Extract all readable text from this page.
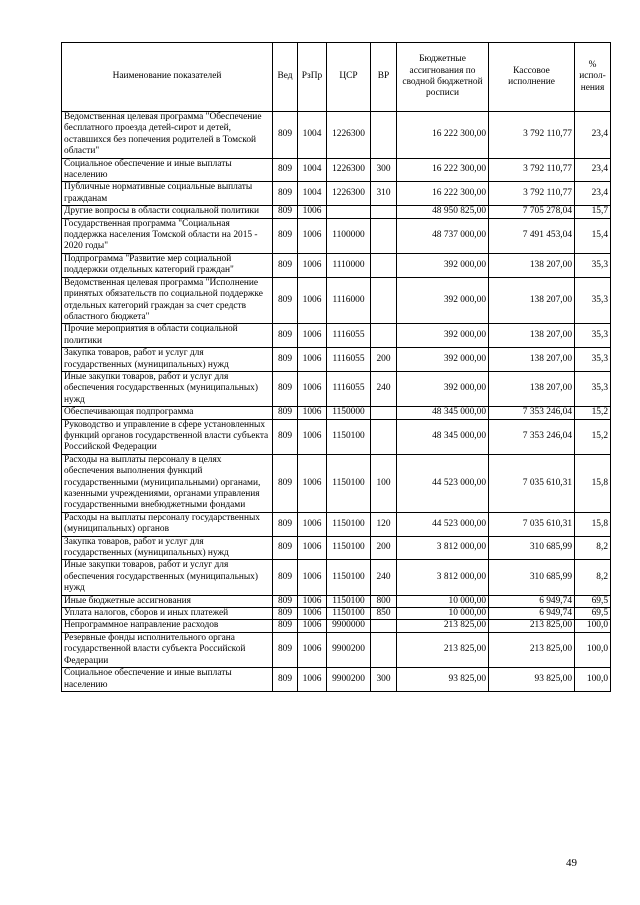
Наименование показателей	Вед	РзПр	ЦСР	ВР	Бюджетные ассигнования по сводной бюджетной росписи	Кассовое исполнение	% испол-нения
Ведомственная целевая программа "Обеспечение бесплатного проезда детей-сирот и детей, оставшихся без попечения родителей в Томской области"	809	1004	1226300		16 222 300,00	3 792 110,77	23,4
Социальное обеспечение и иные выплаты населению	809	1004	1226300	300	16 222 300,00	3 792 110,77	23,4
Публичные нормативные социальные выплаты гражданам	809	1004	1226300	310	16 222 300,00	3 792 110,77	23,4
Другие вопросы в области социальной политики	809	1006			48 950 825,00	7 705 278,04	15,7
Государственная программа "Социальная поддержка населения Томской области на 2015 - 2020 годы"	809	1006	1100000		48 737 000,00	7 491 453,04	15,4
Подпрограмма "Развитие мер социальной поддержки отдельных категорий граждан"	809	1006	1110000		392 000,00	138 207,00	35,3
Ведомственная целевая программа "Исполнение принятых обязательств по социальной поддержке отдельных категорий граждан за счет средств областного бюджета"	809	1006	1116000		392 000,00	138 207,00	35,3
Прочие мероприятия в области социальной политики	809	1006	1116055		392 000,00	138 207,00	35,3
Закупка товаров, работ и услуг для государственных (муниципальных) нужд	809	1006	1116055	200	392 000,00	138 207,00	35,3
Иные закупки товаров, работ и услуг для обеспечения государственных (муниципальных) нужд	809	1006	1116055	240	392 000,00	138 207,00	35,3
Обеспечивающая подпрограмма	809	1006	1150000		48 345 000,00	7 353 246,04	15,2
Руководство и управление в сфере установленных функций органов государственной власти субъекта Российской Федерации	809	1006	1150100		48 345 000,00	7 353 246,04	15,2
Расходы на выплаты персоналу в целях обеспечения выполнения функций государственными (муниципальными) органами, казенными учреждениями, органами управления государственными внебюджетными фондами	809	1006	1150100	100	44 523 000,00	7 035 610,31	15,8
Расходы на выплаты персоналу государственных (муниципальных) органов	809	1006	1150100	120	44 523 000,00	7 035 610,31	15,8
Закупка товаров, работ и услуг для государственных (муниципальных) нужд	809	1006	1150100	200	3 812 000,00	310 685,99	8,2
Иные закупки товаров, работ и услуг для обеспечения государственных (муниципальных) нужд	809	1006	1150100	240	3 812 000,00	310 685,99	8,2
Иные бюджетные ассигнования	809	1006	1150100	800	10 000,00	6 949,74	69,5
Уплата налогов, сборов и иных платежей	809	1006	1150100	850	10 000,00	6 949,74	69,5
Непрограммное направление расходов	809	1006	9900000		213 825,00	213 825,00	100,0
Резервные фонды исполнительного органа государственной власти субъекта Российской Федерации	809	1006	9900200		213 825,00	213 825,00	100,0
Социальное обеспечение и иные выплаты населению	809	1006	9900200	300	93 825,00	93 825,00	100,0
49
